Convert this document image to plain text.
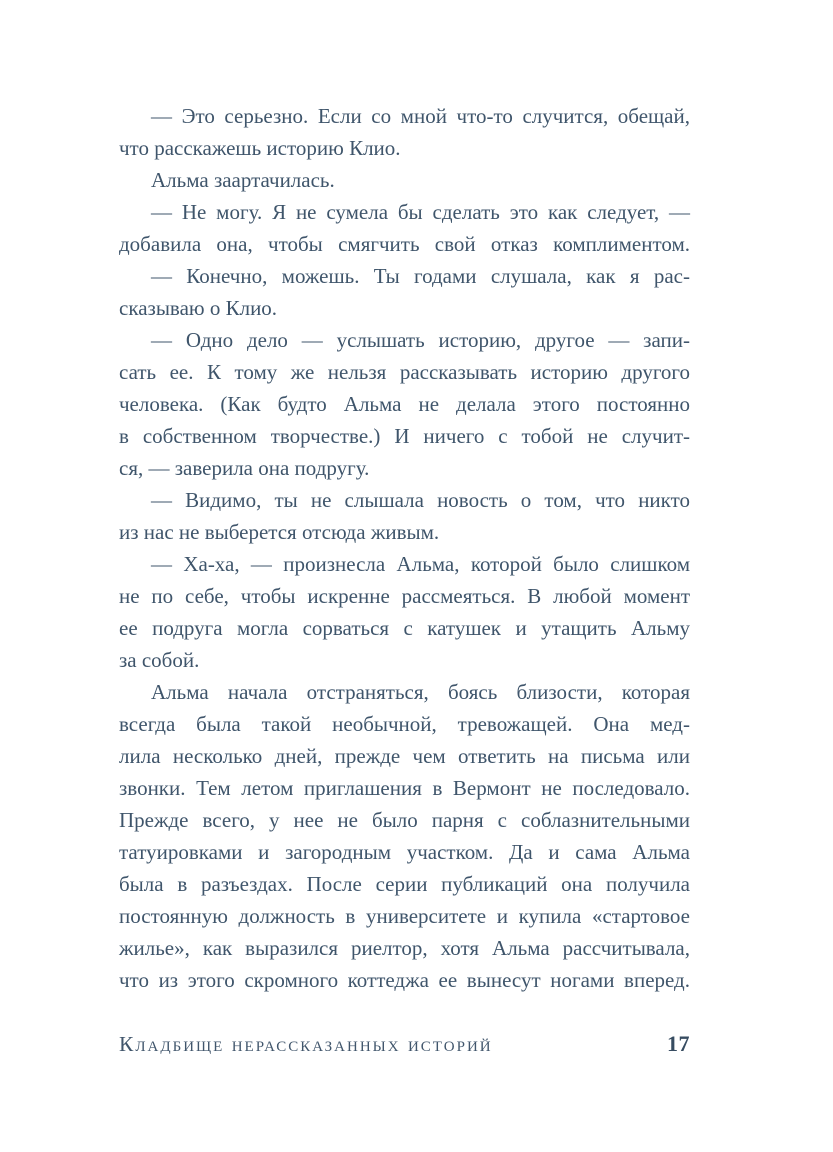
— Это серьезно. Если со мной что-то случится, обещай,
что расскажешь историю Клио.
Альма заартачилась.
— Не могу. Я не сумела бы сделать это как следует, —
добавила она, чтобы смягчить свой отказ комплиментом.
— Конечно, можешь. Ты годами слушала, как я рас-
сказываю о Клио.
— Одно дело — услышать историю, другое — запи-
сать ее. К тому же нельзя рассказывать историю другого
человека. (Как будто Альма не делала этого постоянно
в собственном творчестве.) И ничего с тобой не случит-
ся, — заверила она подругу.
— Видимо, ты не слышала новость о том, что никто
из нас не выберется отсюда живым.
— Ха-ха, — произнесла Альма, которой было слишком
не по себе, чтобы искренне рассмеяться. В любой момент
ее подруга могла сорваться с катушек и утащить Альму
за собой.
Альма начала отстраняться, боясь близости, которая
всегда была такой необычной, тревожащей. Она мед-
лила несколько дней, прежде чем ответить на письма или
звонки. Тем летом приглашения в Вермонт не последовало.
Прежде всего, у нее не было парня с соблазнительными
татуировками и загородным участком. Да и сама Альма
была в разъездах. После серии публикаций она получила
постоянную должность в университете и купила «стартовое
жилье», как выразился риелтор, хотя Альма рассчитывала,
что из этого скромного коттеджа ее вынесут ногами вперед.
Кладбище нерассказанных историй	17
